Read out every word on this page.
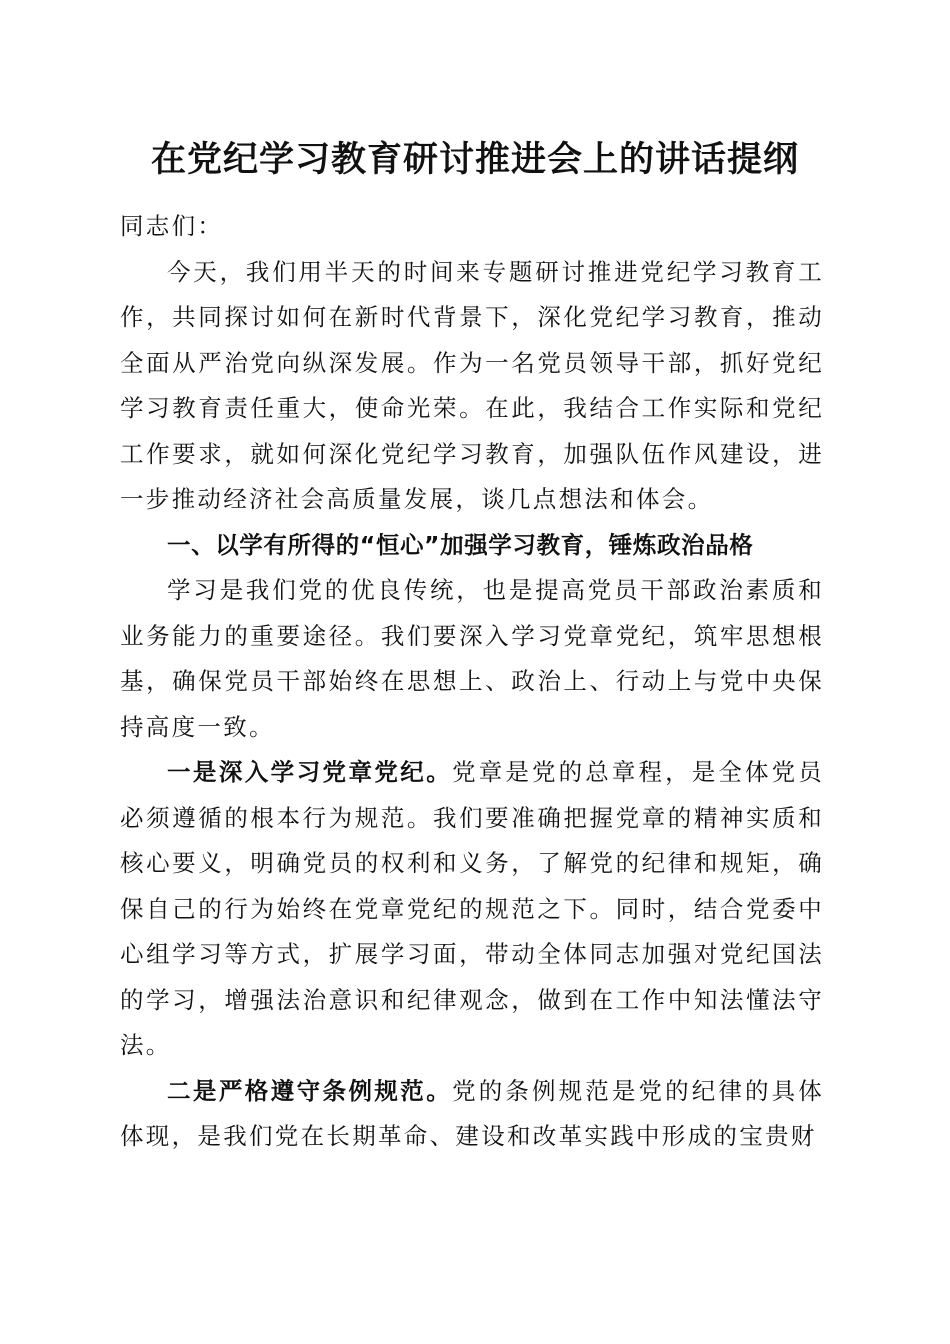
在党纪学习教育研讨推进会上的讲话提纲

同志们：

今天，我们用半天的时间来专题研讨推进党纪学习教育工作，共同探讨如何在新时代背景下，深化党纪学习教育，推动全面从严治党向纵深发展。作为一名党员领导干部，抓好党纪学习教育责任重大，使命光荣。在此，我结合工作实际和党纪工作要求，就如何深化党纪学习教育，加强队伍作风建设，进一步推动经济社会高质量发展，谈几点想法和体会。

一、以学有所得的“恒心”加强学习教育，锤炼政治品格

学习是我们党的优良传统，也是提高党员干部政治素质和业务能力的重要途径。我们要深入学习党章党纪，筑牢思想根基，确保党员干部始终在思想上、政治上、行动上与党中央保持高度一致。

一是深入学习党章党纪。党章是党的总章程，是全体党员必须遵循的根本行为规范。我们要准确把握党章的精神实质和核心要义，明确党员的权利和义务，了解党的纪律和规矩，确保自己的行为始终在党章党纪的规范之下。同时，结合党委中心组学习等方式，扩展学习面，带动全体同志加强对党纪国法的学习，增强法治意识和纪律观念，做到在工作中知法懂法守法。

二是严格遵守条例规范。党的条例规范是党的纪律的具体体现，是我们党在长期革命、建设和改革实践中形成的宝贵财
